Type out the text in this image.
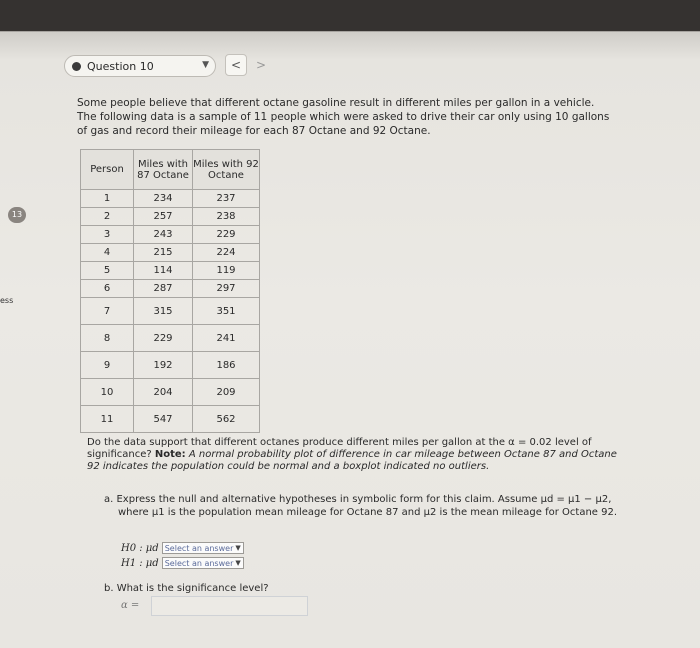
Question 10	▼	<	>
13
ess
Some people believe that different octane gasoline result in different miles per gallon in a vehicle. The following data is a sample of 11 people which were asked to drive their car only using 10 gallons of gas and record their mileage for each 87 Octane and 92 Octane.
Person	Miles with 87 Octane	Miles with 92 Octane
1	234	237
2	257	238
3	243	229
4	215	224
5	114	119
6	287	297
7	315	351
8	229	241
9	192	186
10	204	209
11	547	562
Do the data support that different octanes produce different miles per gallon at the α = 0.02 level of significance? Note: A normal probability plot of difference in car mileage between Octane 87 and Octane 92 indicates the population could be normal and a boxplot indicated no outliers.
a. Express the null and alternative hypotheses in symbolic form for this claim. Assume μd = μ1 − μ2,
where μ1 is the population mean mileage for Octane 87 and μ2 is the mean mileage for Octane 92.
H0 : μd Select an answer ▼
H1 : μd Select an answer ▼
b. What is the significance level?
α =
